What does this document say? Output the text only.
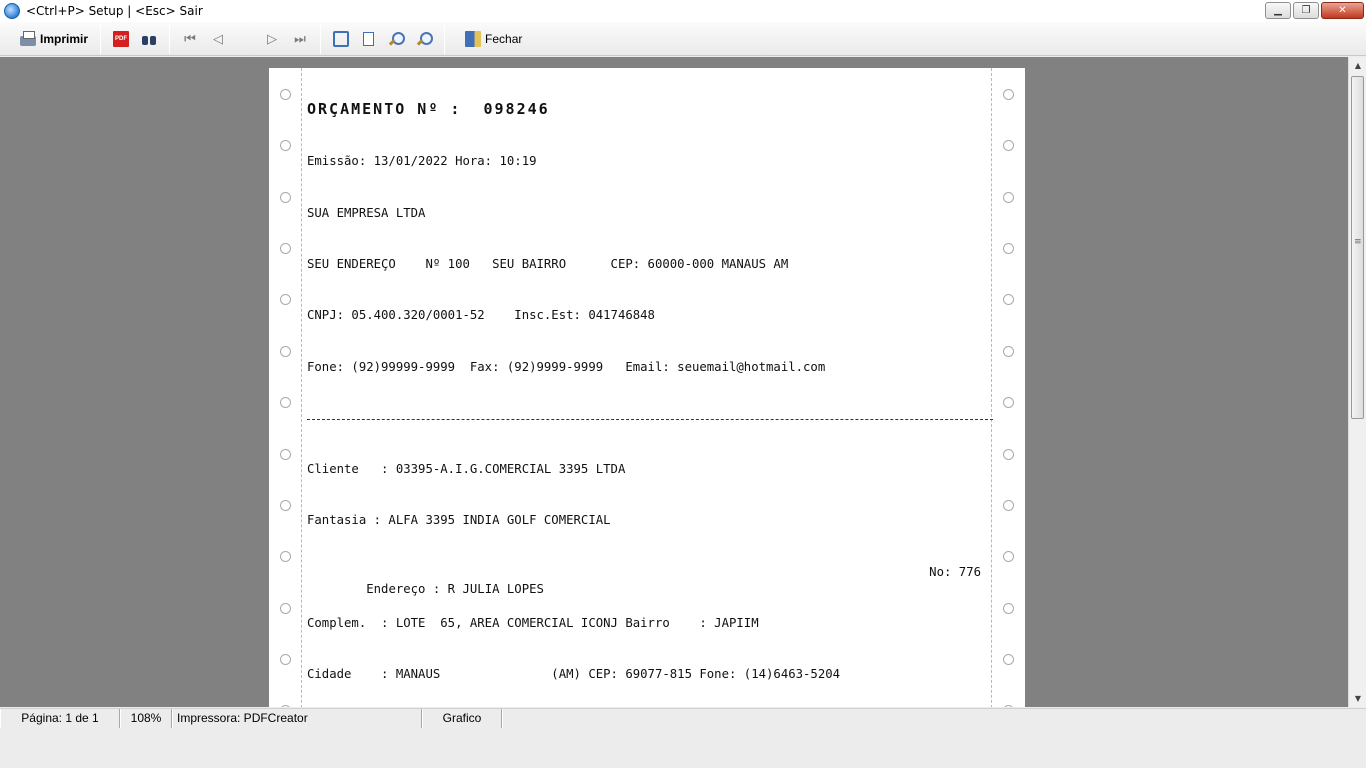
<Ctrl+P> Setup | <Esc> Sair	▁	❐	✕
Imprimir	PDF	⏮ ◁	▷ ⏭	Fechar

ORÇAMENTO Nº :  098246

Emissão: 13/01/2022 Hora: 10:19

SUA EMPRESA LTDA

SEU ENDEREÇO    Nº 100   SEU BAIRRO      CEP: 60000-000 MANAUS AM

CNPJ: 05.400.320/0001-52    Insc.Est: 041746848

Fone: (92)99999-9999  Fax: (92)9999-9999   Email: seuemail@hotmail.com

Cliente   : 03395-A.I.G.COMERCIAL 3395 LTDA

Fantasia : ALFA 3395 INDIA GOLF COMERCIAL

Endereço : R JULIA LOPES

No: 776

Complem.  : LOTE  65, AREA COMERCIAL ICONJ Bairro    : JAPIIM

Cidade    : MANAUS               (AM) CEP: 69077-815 Fone: (14)6463-5204

▲
≡
▼
Página: 1 de 1	108%	Impressora: PDFCreator	Grafico
